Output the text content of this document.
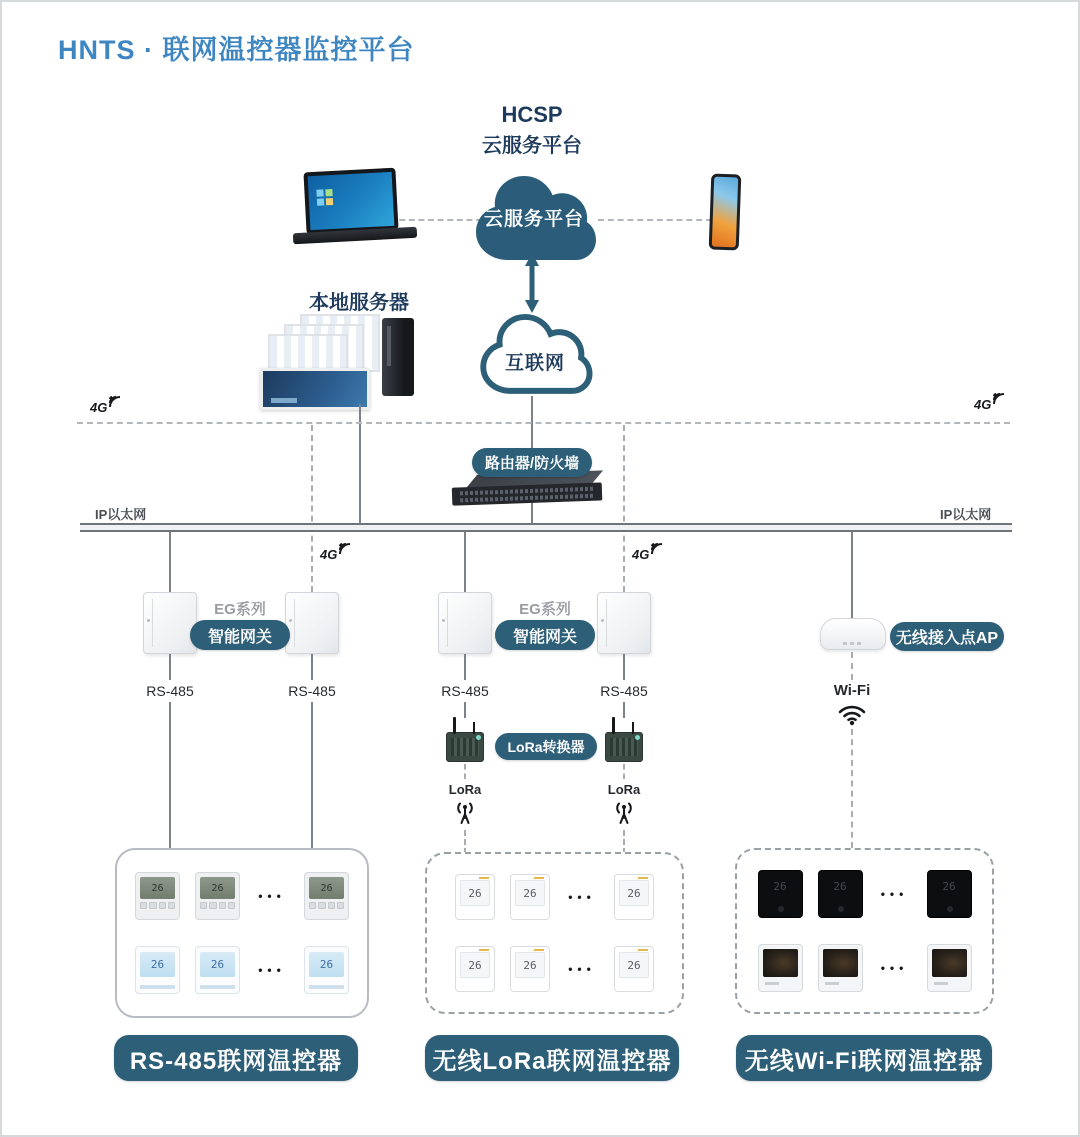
HNTS · 联网温控器监控平台
HCSP
云服务平台
云服务平台
本地服务器
互联网
4G	4G
路由器/防火墙
IP以太网	IP以太网
4G	4G
EG系列
智能网关
EG系列
智能网关
RS-485	RS-485	RS-485	RS-485
LoRa转换器
LoRa	LoRa
无线接入点AP
Wi-Fi
26	26
•••
26
26	26	•••	26
26	26	•••	26
26	26	•••	26
26	26
•••
26
•••
RS-485联网温控器	无线LoRa联网温控器	无线Wi-Fi联网温控器
